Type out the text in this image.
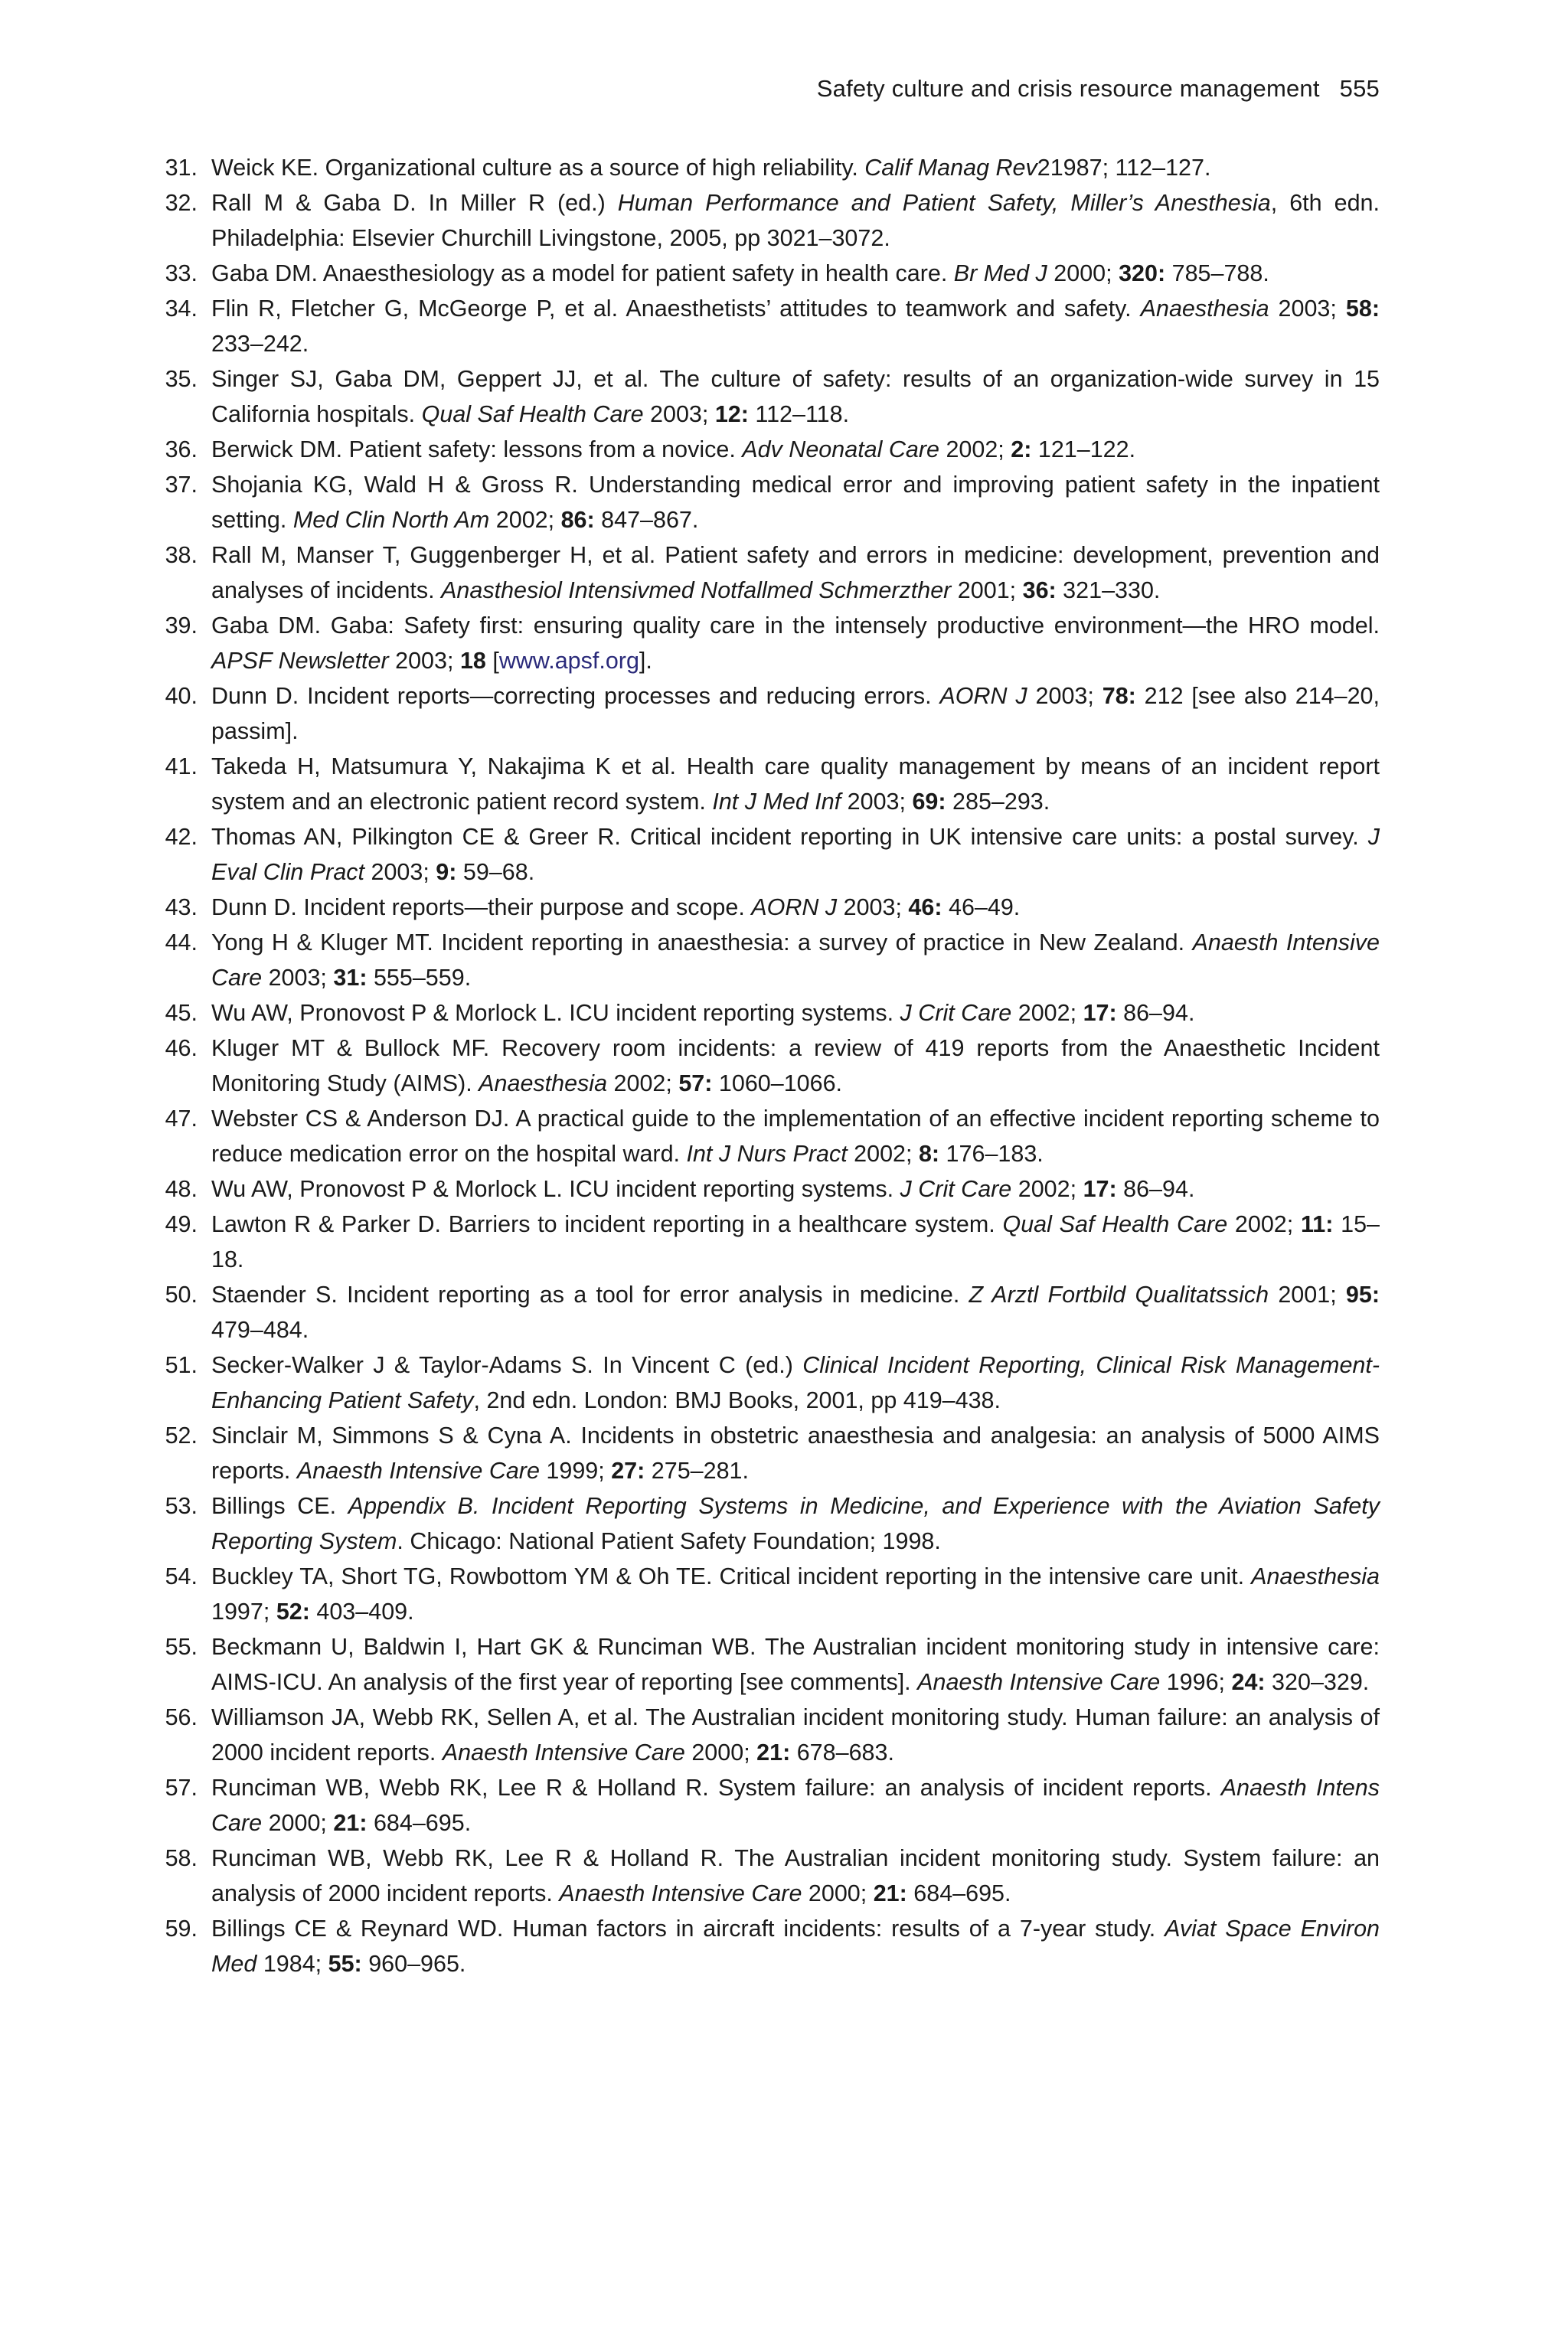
Safety culture and crisis resource management 555
31. Weick KE. Organizational culture as a source of high reliability. Calif Manag Rev21987; 112–127.
32. Rall M & Gaba D. In Miller R (ed.) Human Performance and Patient Safety, Miller’s Anesthesia, 6th edn. Philadelphia: Elsevier Churchill Livingstone, 2005, pp 3021–3072.
33. Gaba DM. Anaesthesiology as a model for patient safety in health care. Br Med J 2000; 320: 785–788.
34. Flin R, Fletcher G, McGeorge P, et al. Anaesthetists’ attitudes to teamwork and safety. Anaesthesia 2003; 58: 233–242.
35. Singer SJ, Gaba DM, Geppert JJ, et al. The culture of safety: results of an organization-wide survey in 15 California hospitals. Qual Saf Health Care 2003; 12: 112–118.
36. Berwick DM. Patient safety: lessons from a novice. Adv Neonatal Care 2002; 2: 121–122.
37. Shojania KG, Wald H & Gross R. Understanding medical error and improving patient safety in the inpatient setting. Med Clin North Am 2002; 86: 847–867.
38. Rall M, Manser T, Guggenberger H, et al. Patient safety and errors in medicine: development, prevention and analyses of incidents. Anasthesiol Intensivmed Notfallmed Schmerzther 2001; 36: 321–330.
39. Gaba DM. Gaba: Safety first: ensuring quality care in the intensely productive environment—the HRO model. APSF Newsletter 2003; 18 [www.apsf.org].
40. Dunn D. Incident reports—correcting processes and reducing errors. AORN J 2003; 78: 212 [see also 214–20, passim].
41. Takeda H, Matsumura Y, Nakajima K et al. Health care quality management by means of an incident report system and an electronic patient record system. Int J Med Inf 2003; 69: 285–293.
42. Thomas AN, Pilkington CE & Greer R. Critical incident reporting in UK intensive care units: a postal survey. J Eval Clin Pract 2003; 9: 59–68.
43. Dunn D. Incident reports—their purpose and scope. AORN J 2003; 46: 46–49.
44. Yong H & Kluger MT. Incident reporting in anaesthesia: a survey of practice in New Zealand. Anaesth Intensive Care 2003; 31: 555–559.
45. Wu AW, Pronovost P & Morlock L. ICU incident reporting systems. J Crit Care 2002; 17: 86–94.
46. Kluger MT & Bullock MF. Recovery room incidents: a review of 419 reports from the Anaesthetic Incident Monitoring Study (AIMS). Anaesthesia 2002; 57: 1060–1066.
47. Webster CS & Anderson DJ. A practical guide to the implementation of an effective incident reporting scheme to reduce medication error on the hospital ward. Int J Nurs Pract 2002; 8: 176–183.
48. Wu AW, Pronovost P & Morlock L. ICU incident reporting systems. J Crit Care 2002; 17: 86–94.
49. Lawton R & Parker D. Barriers to incident reporting in a healthcare system. Qual Saf Health Care 2002; 11: 15–18.
50. Staender S. Incident reporting as a tool for error analysis in medicine. Z Arztl Fortbild Qualitatssich 2001; 95: 479–484.
51. Secker-Walker J & Taylor-Adams S. In Vincent C (ed.) Clinical Incident Reporting, Clinical Risk Management-Enhancing Patient Safety, 2nd edn. London: BMJ Books, 2001, pp 419–438.
52. Sinclair M, Simmons S & Cyna A. Incidents in obstetric anaesthesia and analgesia: an analysis of 5000 AIMS reports. Anaesth Intensive Care 1999; 27: 275–281.
53. Billings CE. Appendix B. Incident Reporting Systems in Medicine, and Experience with the Aviation Safety Reporting System. Chicago: National Patient Safety Foundation; 1998.
54. Buckley TA, Short TG, Rowbottom YM & Oh TE. Critical incident reporting in the intensive care unit. Anaesthesia 1997; 52: 403–409.
55. Beckmann U, Baldwin I, Hart GK & Runciman WB. The Australian incident monitoring study in intensive care: AIMS-ICU. An analysis of the first year of reporting [see comments]. Anaesth Intensive Care 1996; 24: 320–329.
56. Williamson JA, Webb RK, Sellen A, et al. The Australian incident monitoring study. Human failure: an analysis of 2000 incident reports. Anaesth Intensive Care 2000; 21: 678–683.
57. Runciman WB, Webb RK, Lee R & Holland R. System failure: an analysis of incident reports. Anaesth Intens Care 2000; 21: 684–695.
58. Runciman WB, Webb RK, Lee R & Holland R. The Australian incident monitoring study. System failure: an analysis of 2000 incident reports. Anaesth Intensive Care 2000; 21: 684–695.
59. Billings CE & Reynard WD. Human factors in aircraft incidents: results of a 7-year study. Aviat Space Environ Med 1984; 55: 960–965.
